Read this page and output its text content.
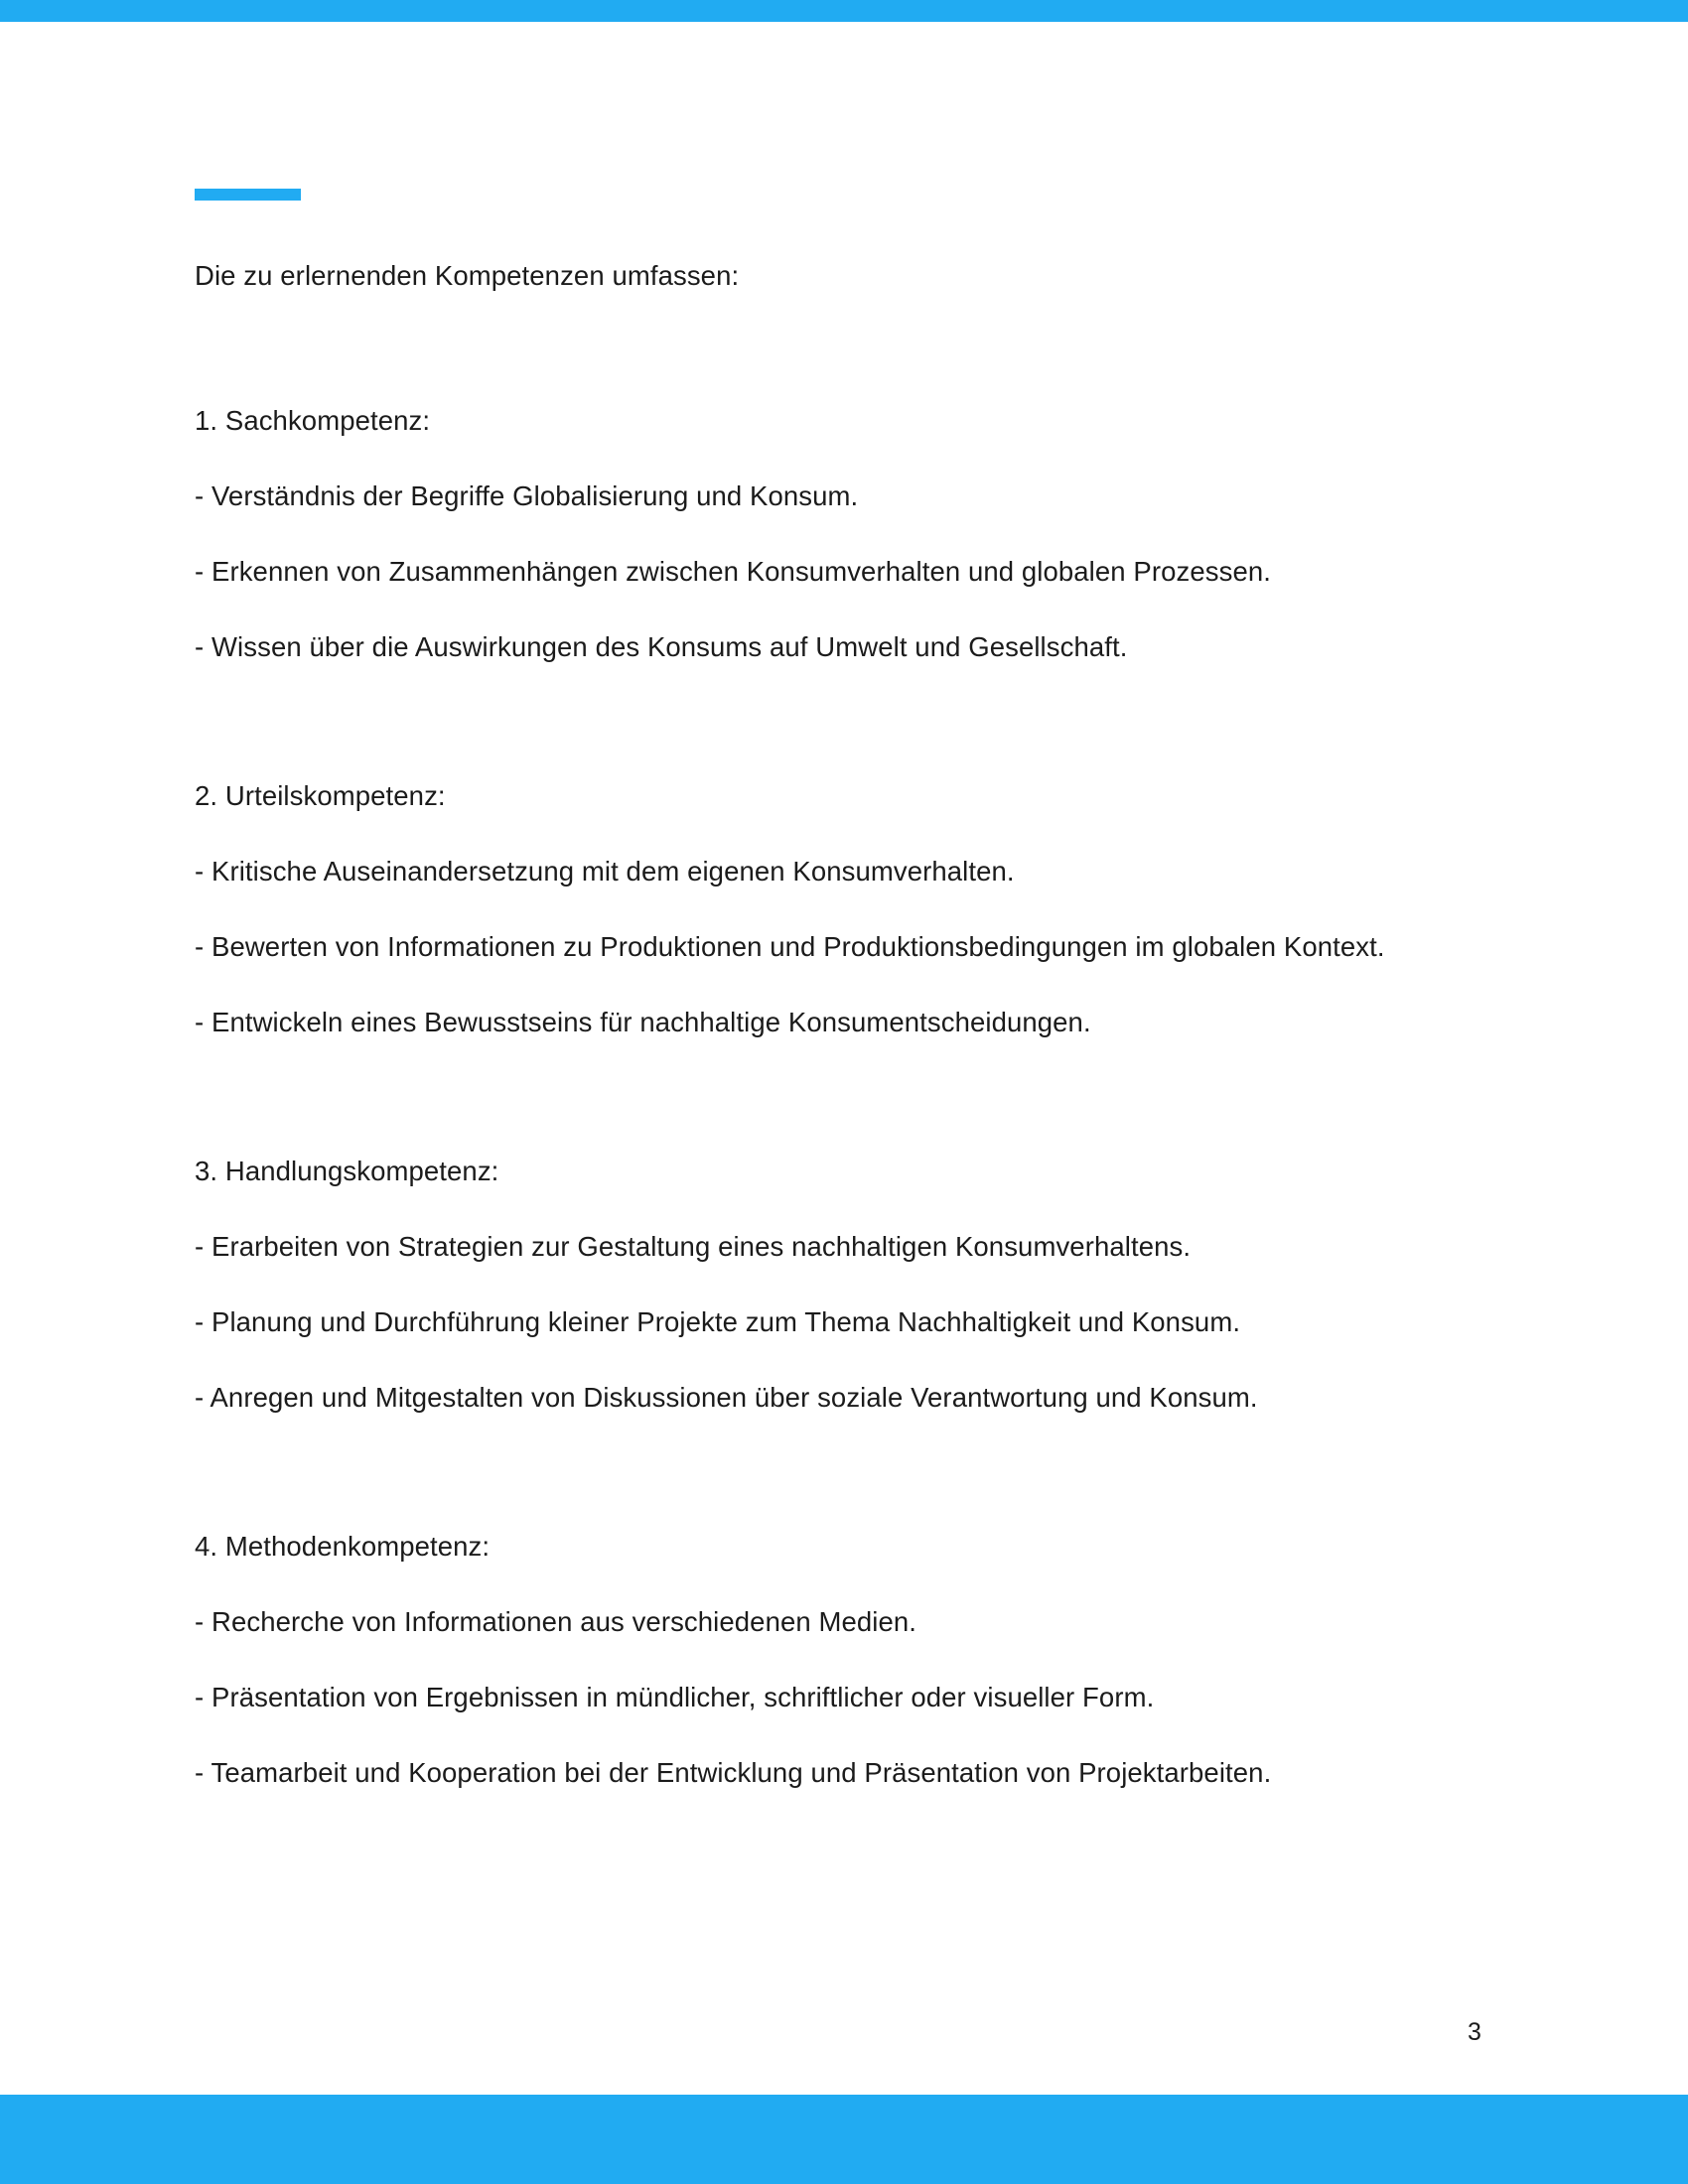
Die zu erlernenden Kompetenzen umfassen:

1. Sachkompetenz:

- Verständnis der Begriffe Globalisierung und Konsum.

- Erkennen von Zusammenhängen zwischen Konsumverhalten und globalen Prozessen.

- Wissen über die Auswirkungen des Konsums auf Umwelt und Gesellschaft.

2. Urteilskompetenz:

- Kritische Auseinandersetzung mit dem eigenen Konsumverhalten.

- Bewerten von Informationen zu Produktionen und Produktionsbedingungen im globalen Kontext.

- Entwickeln eines Bewusstseins für nachhaltige Konsumentscheidungen.

3. Handlungskompetenz:

- Erarbeiten von Strategien zur Gestaltung eines nachhaltigen Konsumverhaltens.

- Planung und Durchführung kleiner Projekte zum Thema Nachhaltigkeit und Konsum.

- Anregen und Mitgestalten von Diskussionen über soziale Verantwortung und Konsum.

4. Methodenkompetenz:

- Recherche von Informationen aus verschiedenen Medien.

- Präsentation von Ergebnissen in mündlicher, schriftlicher oder visueller Form.

- Teamarbeit und Kooperation bei der Entwicklung und Präsentation von Projektarbeiten.

3
